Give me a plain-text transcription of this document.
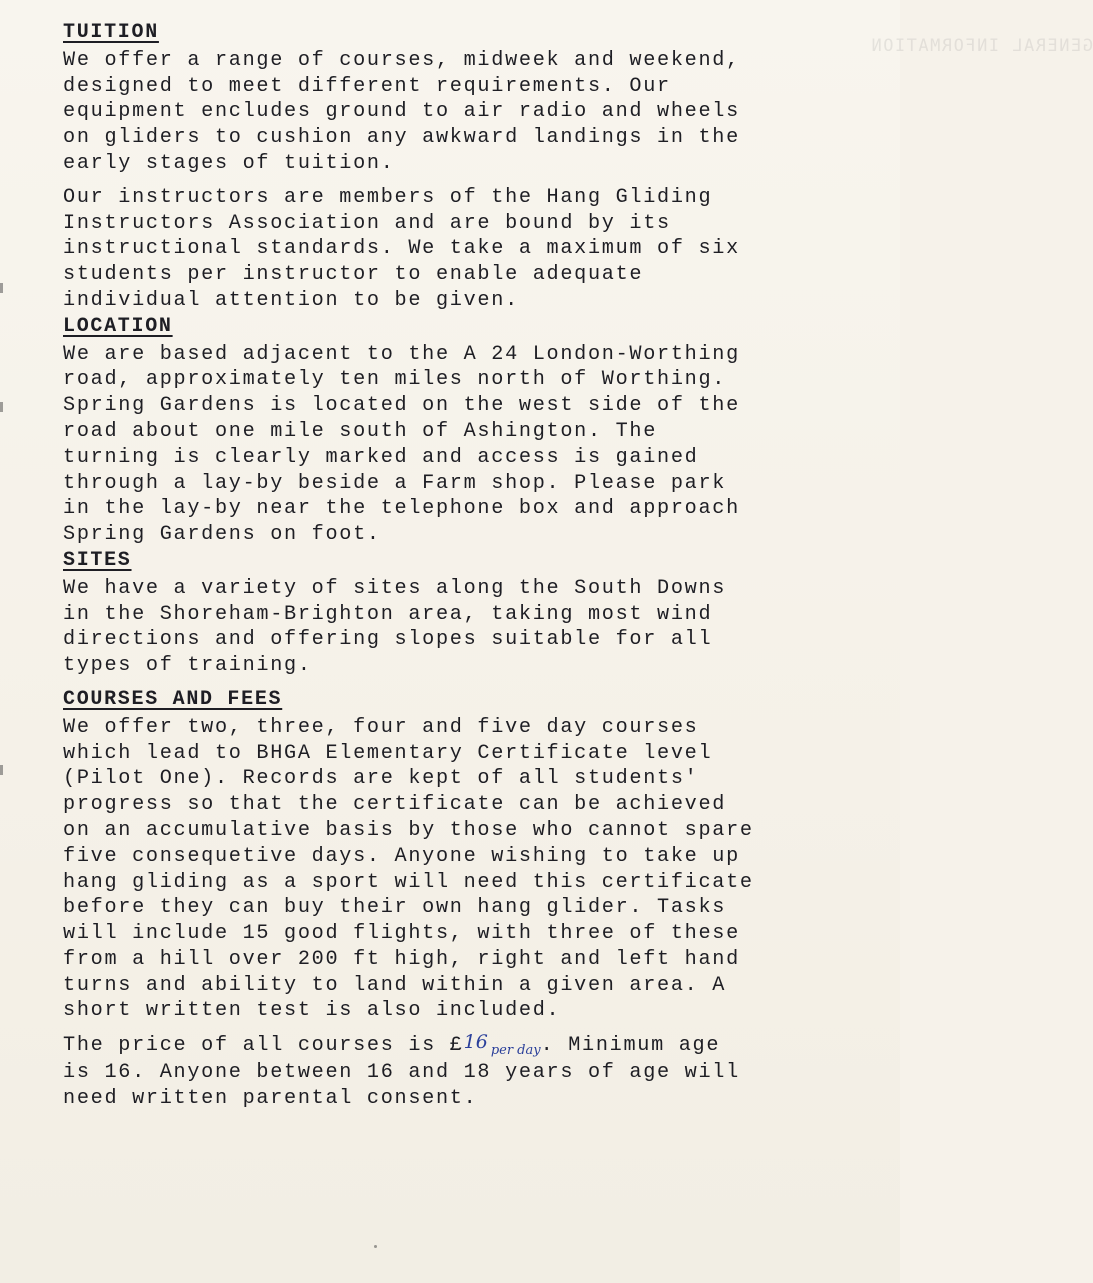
GENERAL INFORMATION
TUITION

We offer a range of courses, midweek and weekend,
designed to meet different requirements. Our
equipment encludes ground to air radio and wheels
on gliders to cushion any awkward landings in the
early stages of tuition.

Our instructors are members of the Hang Gliding
Instructors Association and are bound by its
instructional standards. We take a maximum of six
students per instructor to enable adequate
individual attention to be given.

LOCATION

We are based adjacent to the A 24 London-Worthing
road, approximately ten miles north of Worthing.
Spring Gardens is located on the west side of the
road about one mile south of Ashington. The
turning is clearly marked and access is gained
through a lay-by beside a Farm shop. Please park
in the lay-by near the telephone box and approach
Spring Gardens on foot.

SITES

We have a variety of sites along the South Downs
in the Shoreham-Brighton area, taking most wind
directions and offering slopes suitable for all
types of training.

COURSES AND FEES

We offer two, three, four and five day courses
which lead to BHGA Elementary Certificate level
(Pilot One). Records are kept of all students'
progress so that the certificate can be achieved
on an accumulative basis by those who cannot spare
five consequetive days. Anyone wishing to take up
hang gliding as a sport will need this certificate
before they can buy their own hang glider. Tasks
will include 15 good flights, with three of these
from a hill over 200 ft high, right and left hand
turns and ability to land within a given area. A
short written test is also included.

The price of all courses is £16 per day. Minimum age
is 16. Anyone between 16 and 18 years of age will
need written parental consent.
